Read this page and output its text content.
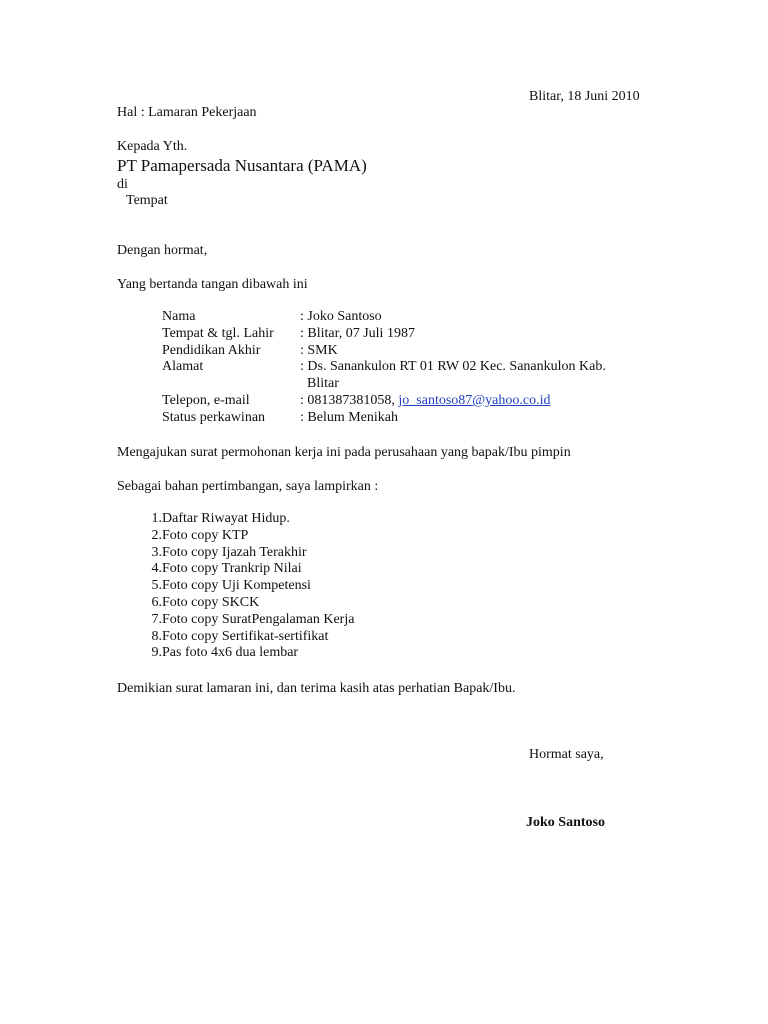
Blitar, 18 Juni 2010
Hal : Lamaran Pekerjaan
Kepada Yth.
PT Pamapersada Nusantara (PAMA)
di
Tempat
Dengan hormat,
Yang bertanda tangan dibawah ini
Nama	: Joko Santoso
Tempat & tgl. Lahir	: Blitar, 07 Juli 1987
Pendidikan Akhir	: SMK
Alamat	: Ds. Sanankulon RT 01 RW 02 Kec. Sanankulon Kab.
Blitar
Telepon, e-mail	: 081387381058, jo_santoso87@yahoo.co.id
Status perkawinan	: Belum Menikah
Mengajukan surat permohonan kerja ini pada perusahaan yang bapak/Ibu pimpin
Sebagai bahan pertimbangan, saya lampirkan :
1. Daftar Riwayat Hidup.
2. Foto copy KTP
3. Foto copy Ijazah Terakhir
4. Foto copy Trankrip Nilai
5. Foto copy Uji Kompetensi
6. Foto copy SKCK
7. Foto copy SuratPengalaman Kerja
8. Foto copy Sertifikat-sertifikat
9. Pas foto 4x6 dua lembar
Demikian surat lamaran ini, dan terima kasih atas perhatian Bapak/Ibu.
Hormat saya,
Joko Santoso
